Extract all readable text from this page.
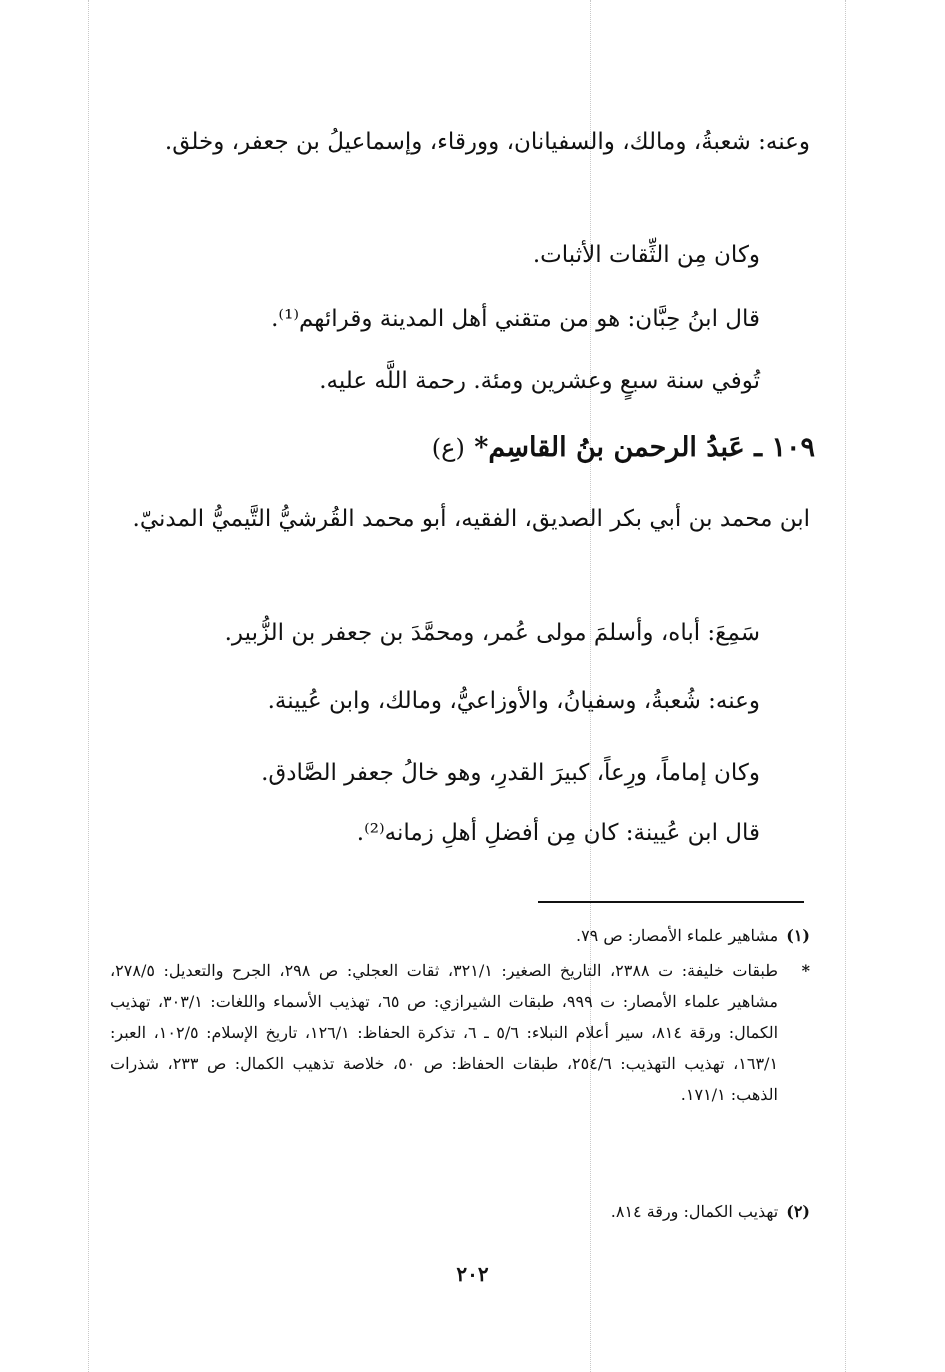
وعنه: شعبةُ، ومالك، والسفيانان، وورقاء، وإسماعيلُ بن جعفر، وخلق.
وكان مِن الثِّقات الأثبات.
قال ابنُ حِبَّان: هو من متقني أهل المدينة وقرائهم⁽¹⁾.
تُوفي سنة سبعٍ وعشرين ومئة. رحمة اللَّه عليه.
١٠٩ ـ عَبدُ الرحمن بنُ القاسِم* (ع)
ابن محمد بن أبي بكر الصديق، الفقيه، أبو محمد القُرشيُّ التَّيميُّ المدنيّ.
سَمِعَ: أباه، وأسلمَ مولى عُمر، ومحمَّدَ بن جعفر بن الزُّبير.
وعنه: شُعبةُ، وسفيانُ، والأوزاعيُّ، ومالك، وابن عُيينة.
وكان إماماً، ورِعاً، كبيرَ القدرِ، وهو خالُ جعفر الصَّادق.
قال ابن عُيينة: كان مِن أفضلِ أهلِ زمانه⁽²⁾.
(١)مشاهير علماء الأمصار: ص ٧٩.
*
طبقات خليفة: ت ٢٣٨٨، التاريخ الصغير: ٣٢١/١، ثقات العجلي: ص ٢٩٨، الجرح والتعديل: ٢٧٨/٥، مشاهير علماء الأمصار: ت ٩٩٩، طبقات الشيرازي: ص ٦٥، تهذيب الأسماء واللغات: ٣٠٣/١، تهذيب الكمال: ورقة ٨١٤، سير أعلام النبلاء: ٥/٦ ـ ٦، تذكرة الحفاظ: ١٢٦/١، تاريخ الإسلام: ١٠٢/٥، العبر: ١٦٣/١، تهذيب التهذيب: ٢٥٤/٦، طبقات الحفاظ: ص ٥٠، خلاصة تذهيب الكمال: ص ٢٣٣، شذرات الذهب: ١٧١/١.
(٢)تهذيب الكمال: ورقة ٨١٤.
٢٠٢
